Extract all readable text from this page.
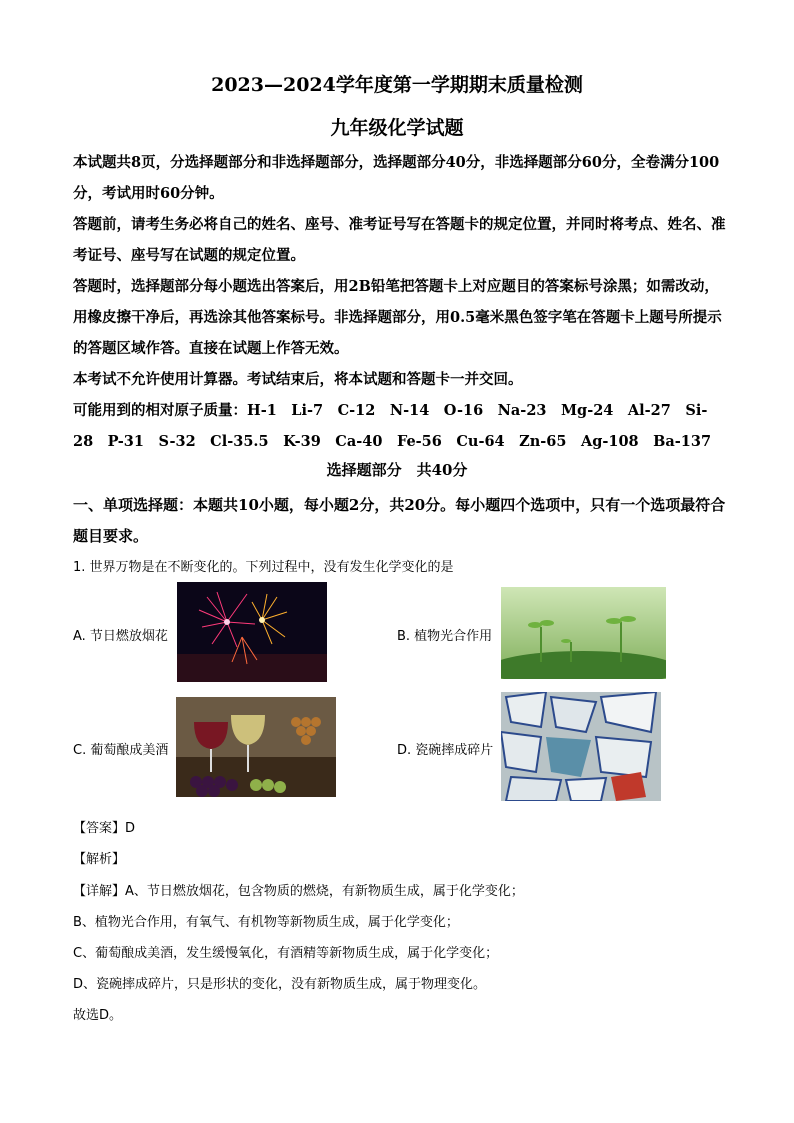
2023—2024学年度第一学期期末质量检测
九年级化学试题

本试题共8页，分选择题部分和非选择题部分，选择题部分40分，非选择题部分60分，全卷满分100分，考试用时60分钟。

答题前，请考生务必将自己的姓名、座号、准考证号写在答题卡的规定位置，并同时将考点、姓名、准考证号、座号写在试题的规定位置。

答题时，选择题部分每小题选出答案后，用2B铅笔把答题卡上对应题目的答案标号涂黑；如需改动，用橡皮擦干净后，再选涂其他答案标号。非选择题部分，用0.5毫米黑色签字笔在答题卡上题号所提示的答题区域作答。直接在试题上作答无效。

本考试不允许使用计算器。考试结束后，将本试题和答题卡一并交回。

可能用到的相对原子质量：H-1　Li-7　C-12　N-14　O-16　Na-23　Mg-24　Al-27　Si-28　P-31　S-32　Cl-35.5　K-39　Ca-40　Fe-56　Cu-64　Zn-65　Ag-108　Ba-137

选择题部分　共40分
一、单项选择题：本题共10小题，每小题2分，共20分。每小题四个选项中，只有一个选项最符合题目要求。
1. 世界万物是在不断变化的。下列过程中，没有发生化学变化的是
A. 节日燃放烟花	B. 植物光合作用
C. 葡萄酿成美酒	D. 瓷碗摔成碎片
【答案】D
【解析】
【详解】A、节日燃放烟花，包含物质的燃烧，有新物质生成，属于化学变化；
B、植物光合作用，有氧气、有机物等新物质生成，属于化学变化；
C、葡萄酿成美酒，发生缓慢氧化，有酒精等新物质生成，属于化学变化；
D、瓷碗摔成碎片，只是形状的变化，没有新物质生成，属于物理变化。
故选D。
